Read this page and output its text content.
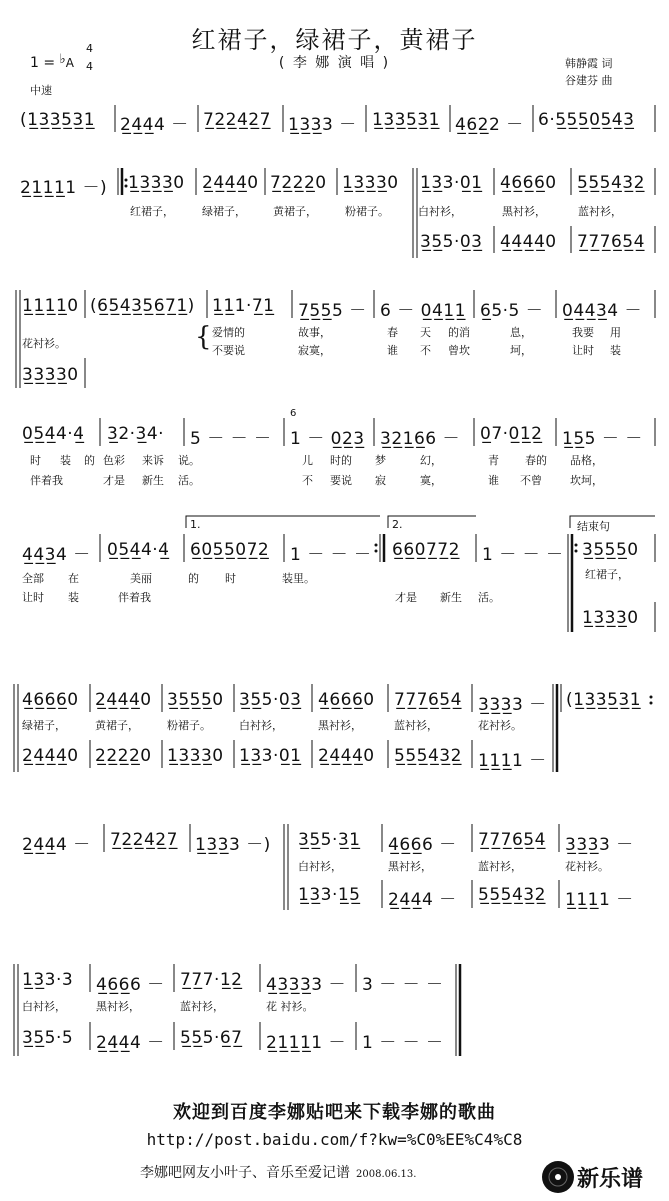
红裙子，绿裙子，黄裙子
( 李 娜 演 唱 )
1 = ♭A
4
4
中速
韩静霞 词
谷建芬 曲
(1̲3̲3̲5̲3̲1̲ 2̲4̲4̲4 － 7̲2̲2̲4̲2̲7̲ 1̲3̲3̲3 － 1̲3̲3̲5̲3̲1̲ 4̲6̲2̲2 － 6·5̲5̲5̲0̲5̲4̲3̲
2̲1̲1̲1̲1 －) 1̲3̲3̲3̲0 2̲4̲4̲4̲0 7̲2̲2̲2̲0 1̲3̲3̲3̲0 1̲3̲3·0̲1̲ 4̲6̲6̲6̲0 5̲5̲5̲4̲3̲2̲
红裙子，	绿裙子， 黄裙子，	粉裙子。	白衬衫，	黑衬衫，	蓝衬衫，
3̲5̲5·0̲3̲ 4̲4̲4̲4̲0 7̲7̲7̲6̲5̲4̲
1̲1̲1̲1̲0 (6̲5̲4̲3̲5̲6̲7̲1̲) 1̲1̲1·7̲1̲ 7̲5̲5̲5 － 6 － 0̲4̲1̲1̲ 6̲5·5 － 0̲4̲4̲3̲4 －
花衬衫。	{ 爱情的	故事，	春 天 的消	息，	我要 用
不要说	寂寞，	谁 不 曾坎	坷，	让时 装
3̲3̲3̲3̲0
0̲5̲4̲4·4̲ 3̲2·3̲4· 5 － － － 1 － 0̲2̲3̲ 3̲2̲1̲6̲6 － 0̲7·0̲1̲2̲ 1̲5̲5 － －
6
时 装 的 色彩 来诉 说。	儿 时的 梦	幻，	青 春的 品格，
伴着我	才是 新生 活。	不 要说 寂	寞，	谁 不曾	坎坷，
1.	2.	结束句
4̲4̲3̲4 － 0̲5̲4̲4·4̲ 6̲0̲5̲5̲0̲7̲2̲ 1 － － － 6̲6̲0̲7̲7̲2̲ 1 － － － 3̲5̲5̲5̲0
全部 在	美丽	的 时	装里。	红裙子，
让时 装	伴着我	才是 新生 活。
1̲3̲3̲3̲0
4̲6̲6̲6̲0 2̲4̲4̲4̲0 3̲5̲5̲5̲0 3̲5̲5·0̲3̲ 4̲6̲6̲6̲0 7̲7̲7̲6̲5̲4̲ 3̲3̲3̲3 － (1̲3̲3̲5̲3̲1̲
绿裙子，	黄裙子，	粉裙子。	白衬衫，	黑衬衫，	蓝衬衫，	花衬衫。
2̲4̲4̲4̲0 2̲2̲2̲2̲0 1̲3̲3̲3̲0 1̲3̲3·0̲1̲ 2̲4̲4̲4̲0 5̲5̲5̲4̲3̲2̲ 1̲1̲1̲1 －
2̲4̲4̲4 － 7̲2̲2̲4̲2̲7̲ 1̲3̲3̲3 －) 3̲5̲5·3̲1̲ 4̲6̲6̲6 － 7̲7̲7̲6̲5̲4̲ 3̲3̲3̲3 －
白衬衫，	黑衬衫，	蓝衬衫，	花衬衫。
1̲3̲3·1̲5̲ 2̲4̲4̲4 － 5̲5̲5̲4̲3̲2̲ 1̲1̲1̲1 －
1̲3̲3·3 4̲6̲6̲6 － 7̲7̲7·1̲2̲ 4̲3̲3̲3̲3 － 3 － － －
白衬衫，	黑衬衫，	蓝衬衫，	花 衬衫。
3̲5̲5·5 2̲4̲4̲4 － 5̲5̲5·6̲7̲ 2̲1̲1̲1̲1 － 1 － － －
欢迎到百度李娜贴吧来下载李娜的歌曲
http://post.baidu.com/f?kw=%C0%EE%C4%C8
李娜吧网友小叶子、音乐至爱记谱 2008.06.13.	新乐谱
